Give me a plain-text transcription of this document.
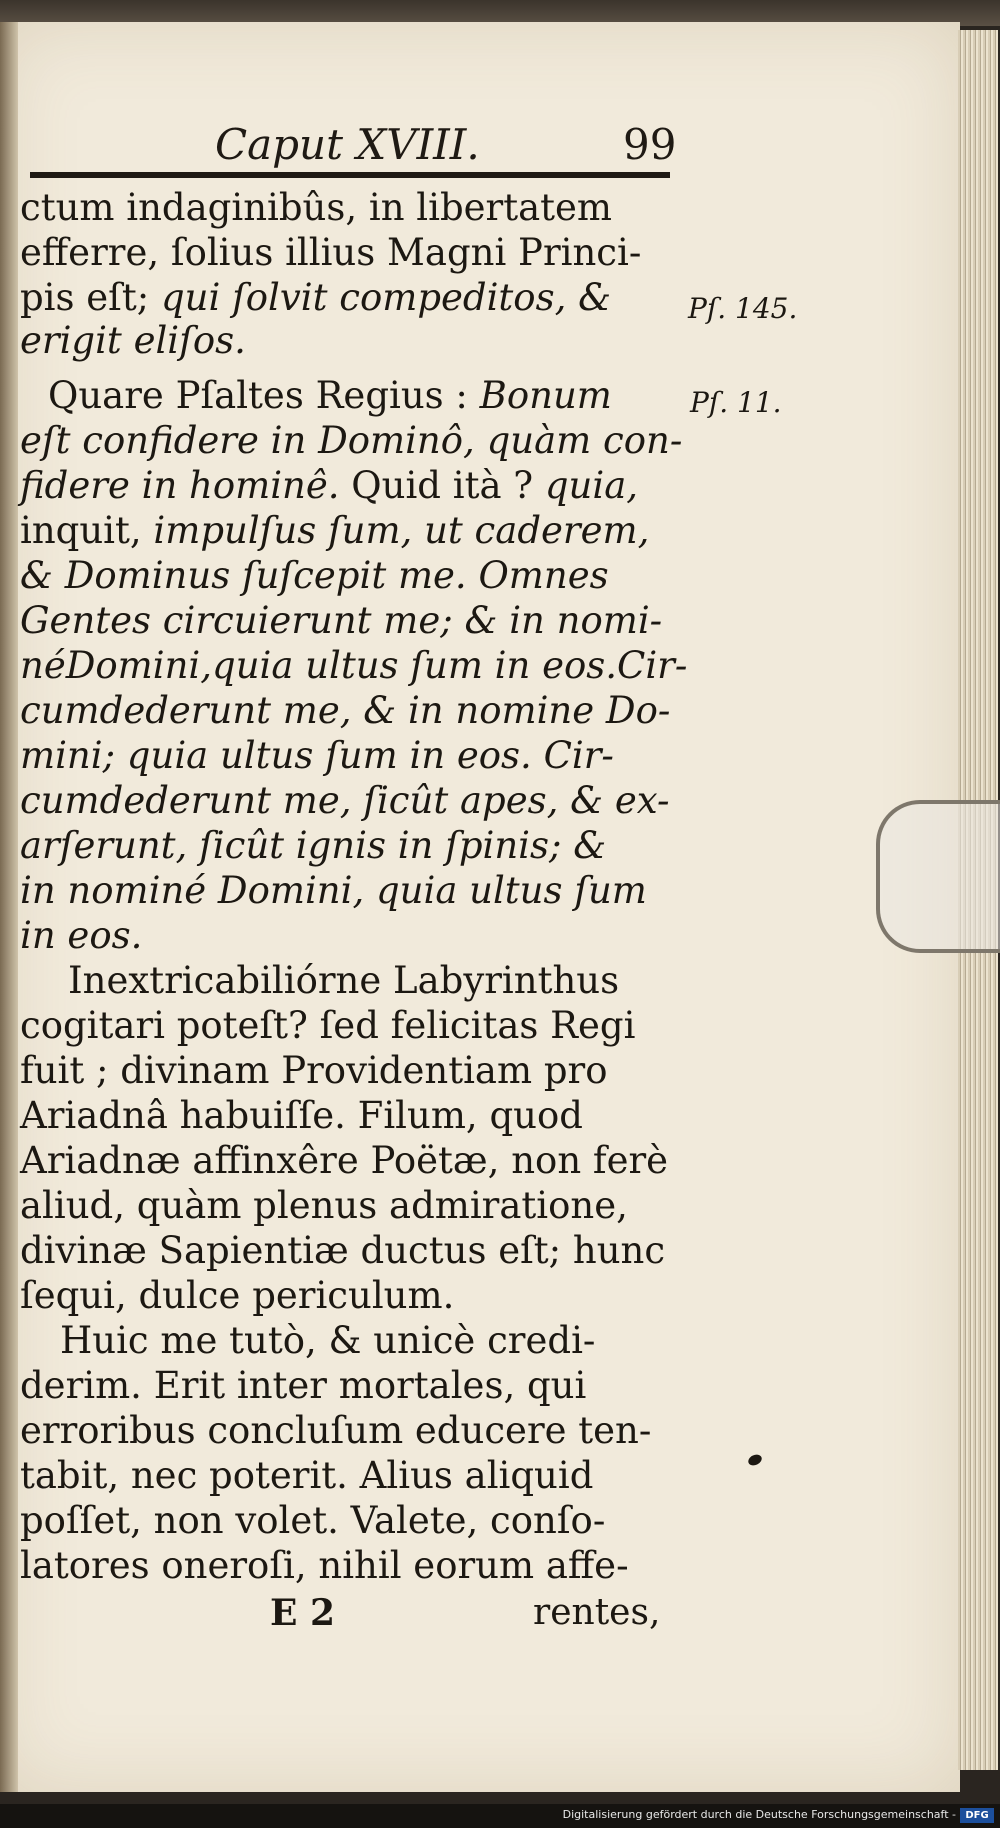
Caput XVIII.	99
ctum indaginibûs, in libertatem
efferre, ſolius illius Magni Princi-
pis eſt; qui ſolvit compeditos, &
erigit eliſos.
Quare Pſaltes Regius : Bonum
eſt confidere in Dominô, quàm con-
fidere in hominê. Quid ità ? quia,
inquit, impulſus ſum, ut caderem,
& Dominus ſuſcepit me. Omnes
Gentes circuierunt me; & in nomi-
néDomini,quia ultus ſum in eos.Cir-
cumdederunt me, & in nomine Do-
mini; quia ultus ſum in eos. Cir-
cumdederunt me, ſicût apes, & ex-
arſerunt, ſicût ignis in ſpinis; &
in nominé Domini, quia ultus ſum
in eos.
Inextricabiliórne Labyrinthus
cogitari poteſt? ſed felicitas Regi
fuit ; divinam Providentiam pro
Ariadnâ habuiſſe. Filum, quod
Ariadnæ affinxêre Poëtæ, non ferè
aliud, quàm plenus admiratione,
divinæ Sapientiæ ductus eſt; hunc
ſequi, dulce periculum.
Huic me tutò, & unicè credi-
derim. Erit inter mortales, qui
erroribus concluſum educere ten-
tabit, nec poterit. Alius aliquid
poſſet, non volet. Valete, conſo-
latores oneroſi, nihil eorum affe-
Pſ. 145.
Pſ. 11.
E 2	rentes,
Digitalisierung gefördert durch die Deutsche Forschungsgemeinschaft - DFG
